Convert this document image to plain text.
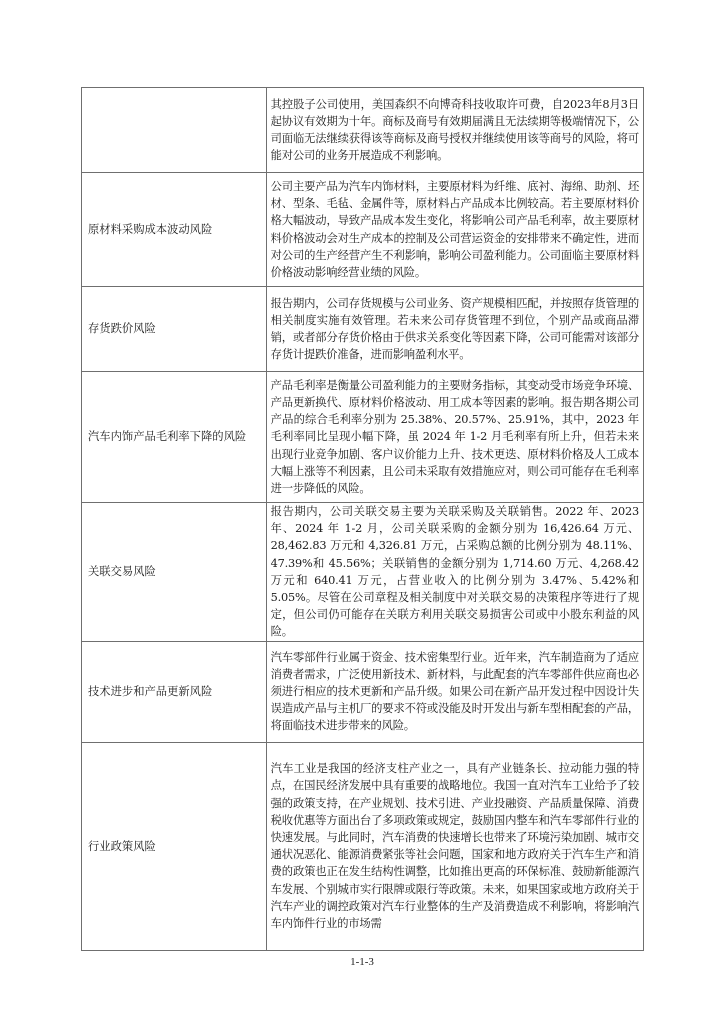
	其控股子公司使用，美国森织不向博奇科技收取许可费，自2023年8月3日起协议有效期为十年。商标及商号有效期届满且无法续期等极端情况下，公司面临无法继续获得该等商标及商号授权并继续使用该等商号的风险，将可能对公司的业务开展造成不利影响。

原材料采购成本波动风险	公司主要产品为汽车内饰材料，主要原材料为纤维、底衬、海绵、助剂、坯材、型条、毛毡、金属件等，原材料占产品成本比例较高。若主要原材料价格大幅波动，导致产品成本发生变化，将影响公司产品毛利率，故主要原材料价格波动会对生产成本的控制及公司营运资金的安排带来不确定性，进而对公司的生产经营产生不利影响，影响公司盈利能力。公司面临主要原材料价格波动影响经营业绩的风险。

存货跌价风险	报告期内，公司存货规模与公司业务、资产规模相匹配，并按照存货管理的相关制度实施有效管理。若未来公司存货管理不到位，个别产品或商品滞销，或者部分存货价格由于供求关系变化等因素下降，公司可能需对该部分存货计提跌价准备，进而影响盈利水平。

汽车内饰产品毛利率下降的风险	产品毛利率是衡量公司盈利能力的主要财务指标，其变动受市场竞争环境、产品更新换代、原材料价格波动、用工成本等因素的影响。报告期各期公司产品的综合毛利率分别为 25.38%、20.57%、25.91%，其中，2023 年毛利率同比呈现小幅下降，虽 2024 年 1-2 月毛利率有所上升，但若未来出现行业竞争加剧、客户议价能力上升、技术更迭、原材料价格及人工成本大幅上涨等不利因素，且公司未采取有效措施应对，则公司可能存在毛利率进一步降低的风险。

关联交易风险	报告期内，公司关联交易主要为关联采购及关联销售。2022 年、2023 年、2024 年 1-2 月，公司关联采购的金额分别为 16,426.64 万元、28,462.83 万元和 4,326.81 万元，占采购总额的比例分别为 48.11%、47.39%和 45.56%；关联销售的金额分别为 1,714.60 万元、4,268.42 万元和 640.41 万元，占营业收入的比例分别为 3.47%、5.42%和 5.05%。尽管在公司章程及相关制度中对关联交易的决策程序等进行了规定，但公司仍可能存在关联方利用关联交易损害公司或中小股东利益的风险。

技术进步和产品更新风险	汽车零部件行业属于资金、技术密集型行业。近年来，汽车制造商为了适应消费者需求，广泛使用新技术、新材料，与此配套的汽车零部件供应商也必须进行相应的技术更新和产品升级。如果公司在新产品开发过程中因设计失误造成产品与主机厂的要求不符或没能及时开发出与新车型相配套的产品，将面临技术进步带来的风险。

行业政策风险	汽车工业是我国的经济支柱产业之一，具有产业链条长、拉动能力强的特点，在国民经济发展中具有重要的战略地位。我国一直对汽车工业给予了较强的政策支持，在产业规划、技术引进、产业投融资、产品质量保障、消费税收优惠等方面出台了多项政策或规定，鼓励国内整车和汽车零部件行业的快速发展。与此同时，汽车消费的快速增长也带来了环境污染加剧、城市交通状况恶化、能源消费紧张等社会问题，国家和地方政府关于汽车生产和消费的政策也正在发生结构性调整，比如推出更高的环保标准、鼓励新能源汽车发展、个别城市实行限牌或限行等政策。未来，如果国家或地方政府关于汽车产业的调控政策对汽车行业整体的生产及消费造成不利影响，将影响汽车内饰件行业的市场需
1-1-3
